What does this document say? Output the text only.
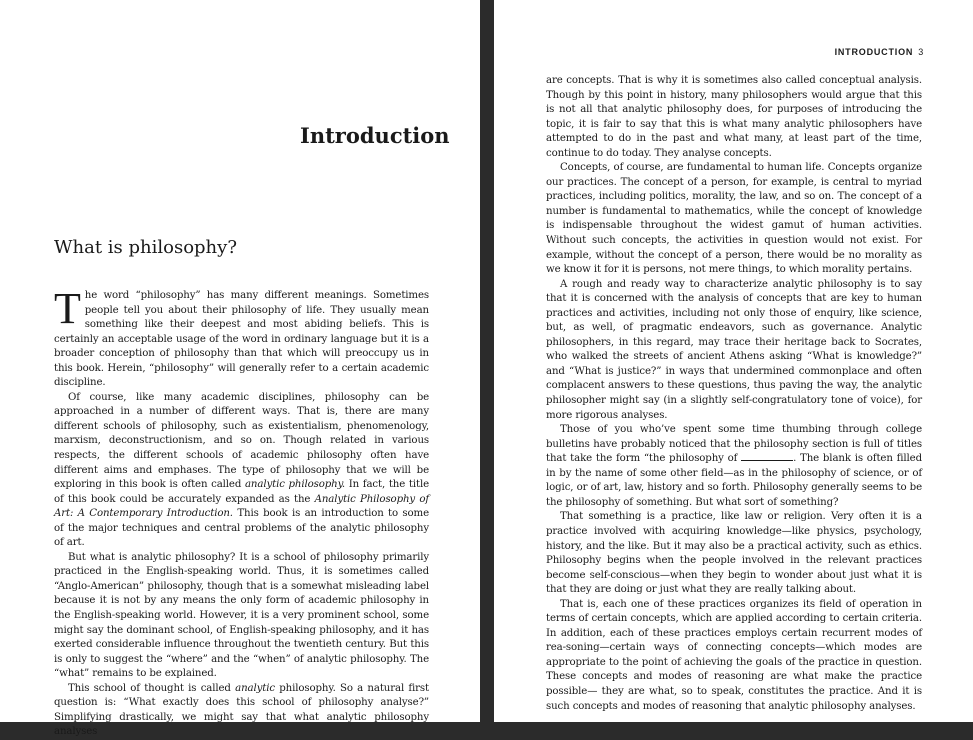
Introduction
What is philosophy?

The word “philosophy” has many different meanings. Sometimes people tell you about their philosophy of life. They usually mean something like their deepest and most abiding beliefs. This is certainly an acceptable usage of the word in ordinary language but it is a broader conception of philosophy than that which will preoccupy us in this book. Herein, “philosophy” will generally refer to a certain academic discipline.

Of course, like many academic disciplines, philosophy can be approached in a number of different ways. That is, there are many different schools of philosophy, such as existentialism, phenomenology, marxism, deconstructionism, and so on. Though related in various respects, the different schools of academic philosophy often have different aims and emphases. The type of philosophy that we will be exploring in this book is often called analytic philosophy. In fact, the title of this book could be accurately expanded as the Analytic Philosophy of Art: A Contemporary Introduction. This book is an introduction to some of the major techniques and central problems of the analytic philosophy of art.

But what is analytic philosophy? It is a school of philosophy primarily practiced in the English-speaking world. Thus, it is sometimes called “Anglo-American” philosophy, though that is a somewhat misleading label because it is not by any means the only form of academic philosophy in the English-speaking world. However, it is a very prominent school, some might say the dominant school, of English-speaking philosophy, and it has exerted considerable influence throughout the twentieth century. But this is only to suggest the “where” and the “when” of analytic philosophy. The “what” remains to be explained.

This school of thought is called analytic philosophy. So a natural first question is: “What exactly does this school of philosophy analyse?” Simplifying drastically, we might say that what analytic philosophy analyses

INTRODUCTION 3

are concepts. That is why it is sometimes also called conceptual analysis. Though by this point in history, many philosophers would argue that this is not all that analytic philosophy does, for purposes of introducing the topic, it is fair to say that this is what many analytic philosophers have attempted to do in the past and what many, at least part of the time, continue to do today. They analyse concepts.

Concepts, of course, are fundamental to human life. Concepts organize our practices. The concept of a person, for example, is central to myriad practices, including politics, morality, the law, and so on. The concept of a number is fundamental to mathematics, while the concept of knowledge is indispensable throughout the widest gamut of human activities. Without such concepts, the activities in question would not exist. For example, without the concept of a person, there would be no morality as we know it for it is persons, not mere things, to which morality pertains.

A rough and ready way to characterize analytic philosophy is to say that it is concerned with the analysis of concepts that are key to human practices and activities, including not only those of enquiry, like science, but, as well, of pragmatic endeavors, such as governance. Analytic philosophers, in this regard, may trace their heritage back to Socrates, who walked the streets of ancient Athens asking “What is knowledge?” and “What is justice?” in ways that undermined commonplace and often complacent answers to these questions, thus paving the way, the analytic philosopher might say (in a slightly self-congratulatory tone of voice), for more rigorous analyses.

Those of you who’ve spent some time thumbing through college bulletins have probably noticed that the philosophy section is full of titles that take the form “the philosophy of	. The blank is often filled in by the name of some other field—as in the philosophy of science, or of logic, or of art, law, history and so forth. Philosophy generally seems to be the philosophy of something. But what sort of something?

That something is a practice, like law or religion. Very often it is a practice involved with acquiring knowledge—like physics, psychology, history, and the like. But it may also be a practical activity, such as ethics. Philosophy begins when the people involved in the relevant practices become self-conscious—when they begin to wonder about just what it is that they are doing or just what they are really talking about.

That is, each one of these practices organizes its field of operation in terms of certain concepts, which are applied according to certain criteria. In addition, each of these practices employs certain recurrent modes of rea-soning—certain ways of connecting concepts—which modes are appropriate to the point of achieving the goals of the practice in question. These concepts and modes of reasoning are what make the practice possible— they are what, so to speak, constitutes the practice. And it is such concepts and modes of reasoning that analytic philosophy analyses.
